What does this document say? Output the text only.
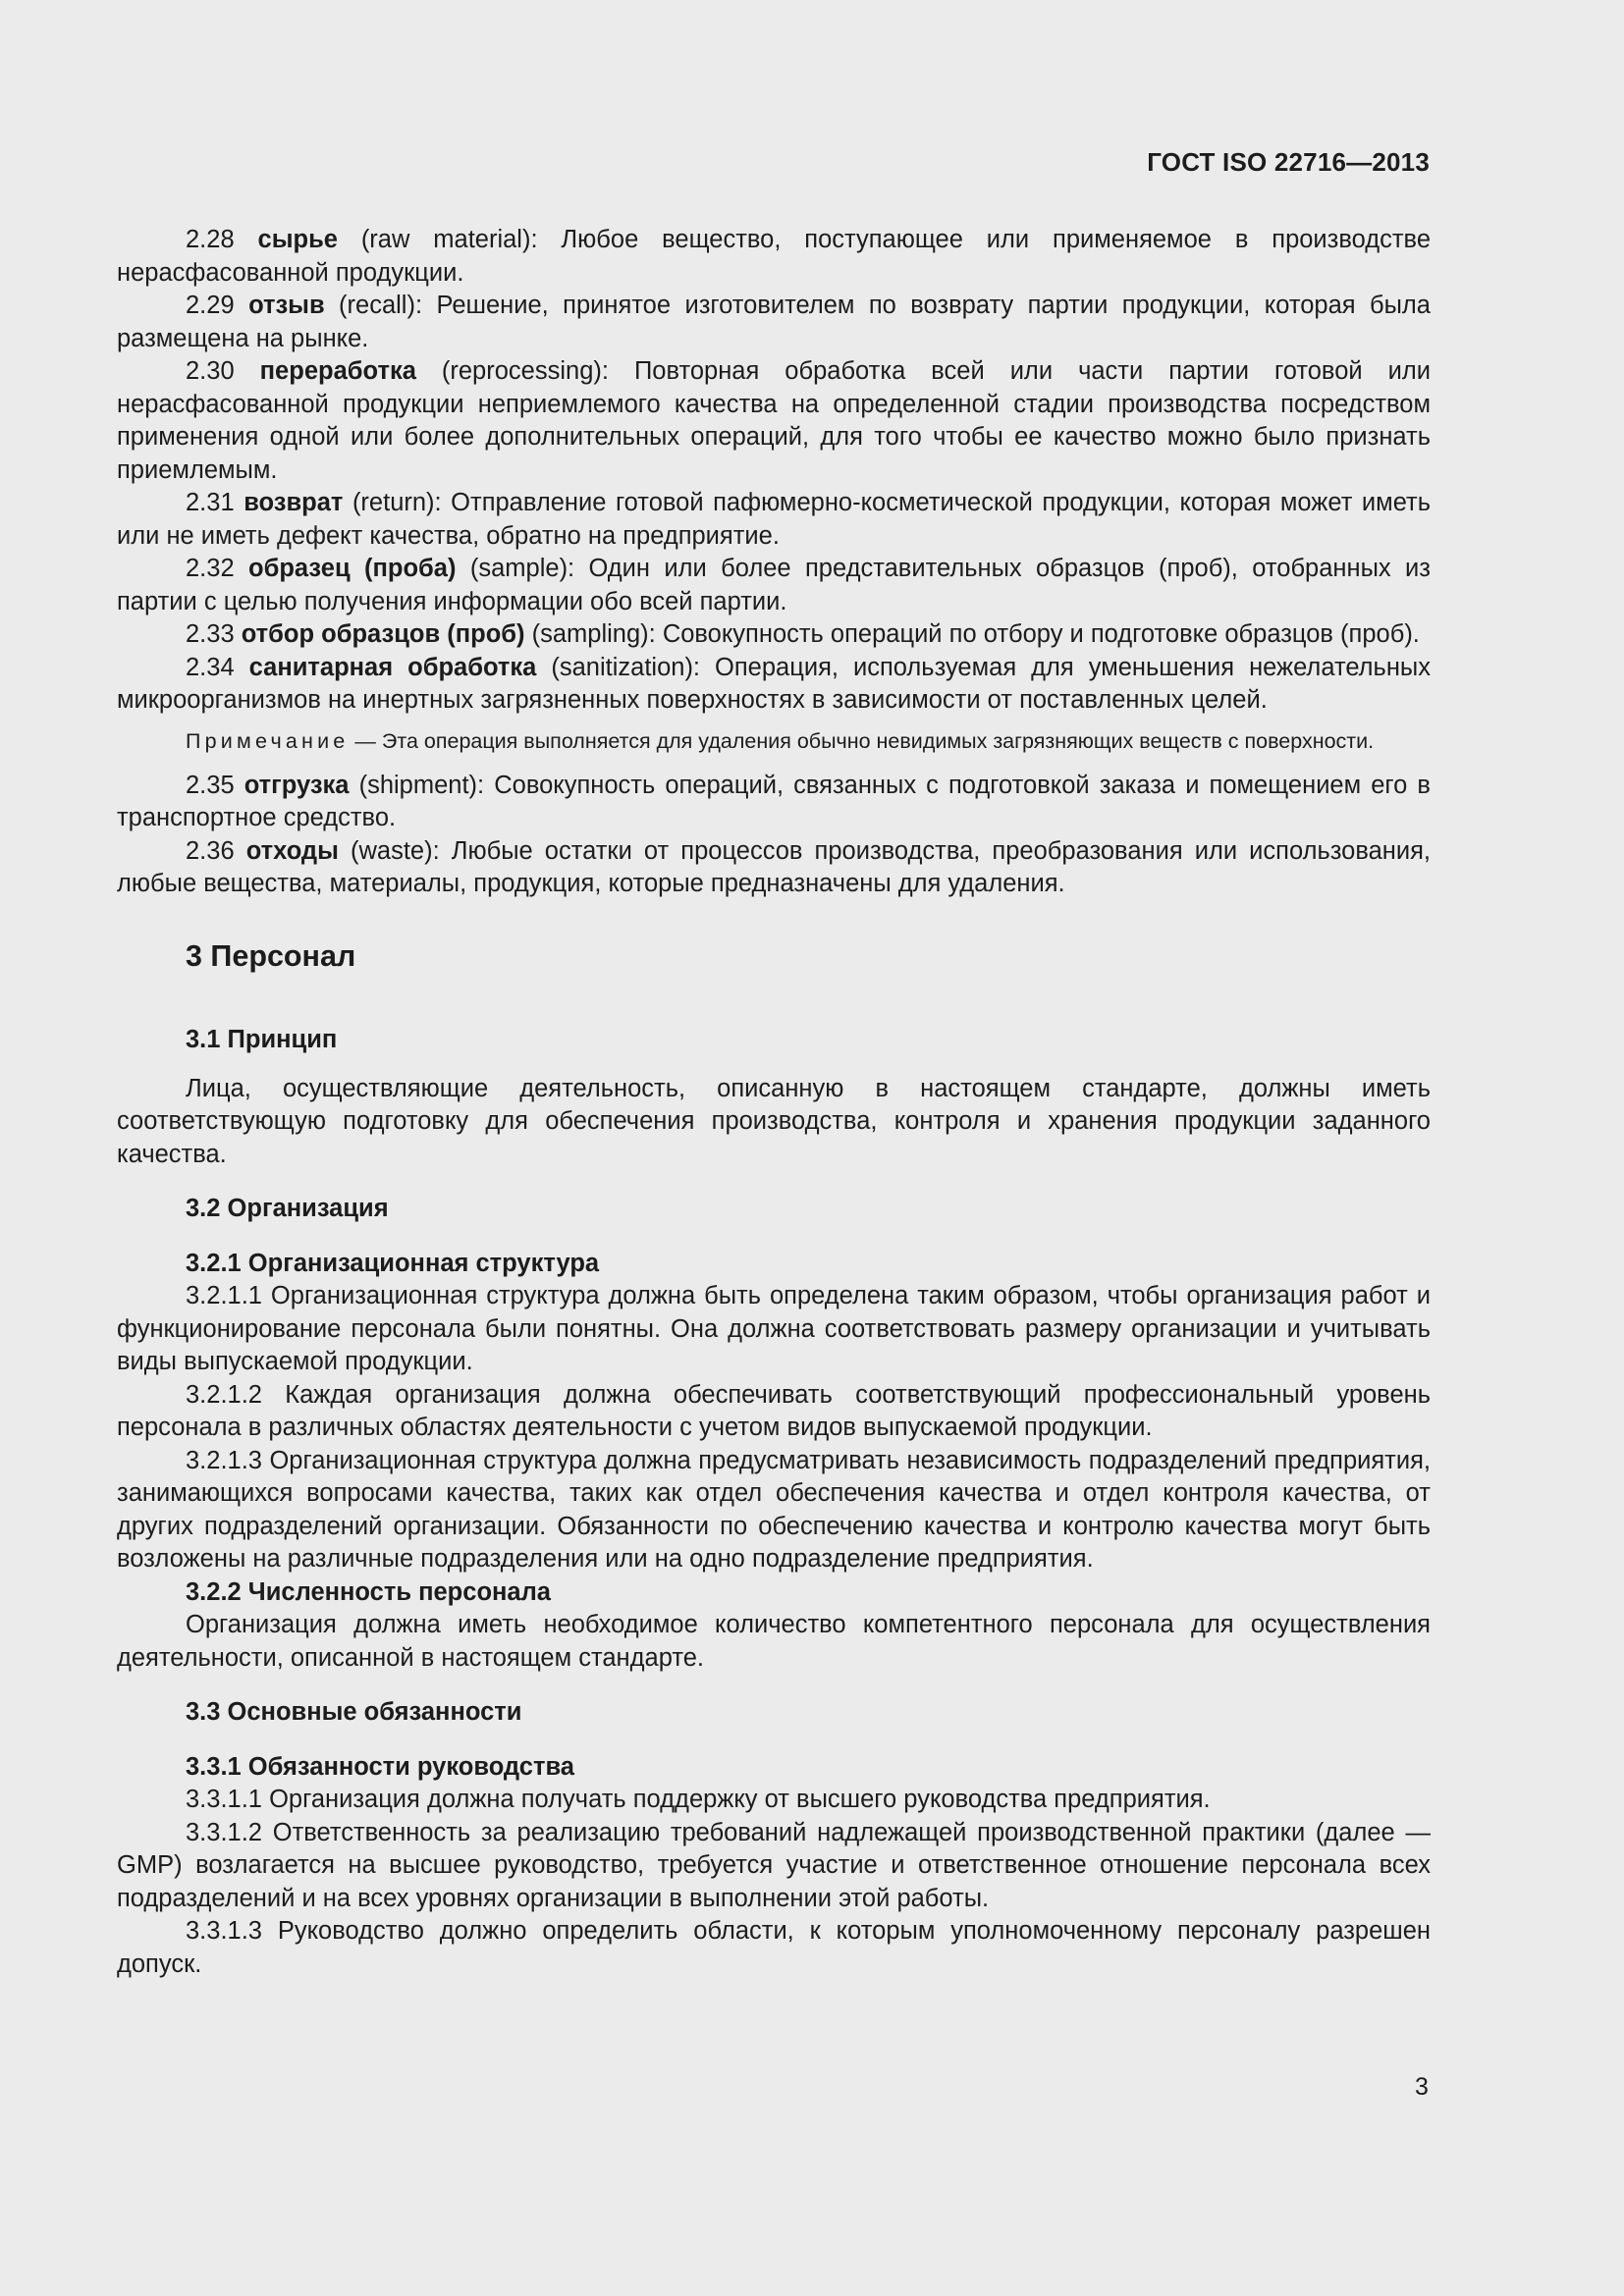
ГОСТ ISO 22716—2013

2.28 сырье (raw material): Любое вещество, поступающее или применяемое в производстве нерасфасованной продукции.

2.29 отзыв (recall): Решение, принятое изготовителем по возврату партии продукции, которая была размещена на рынке.

2.30 переработка (reprocessing): Повторная обработка всей или части партии готовой или нерасфасованной продукции неприемлемого качества на определенной стадии производства посредством применения одной или более дополнительных операций, для того чтобы ее качество можно было признать приемлемым.

2.31 возврат (return): Отправление готовой пафюмерно-косметической продукции, которая может иметь или не иметь дефект качества, обратно на предприятие.

2.32 образец (проба) (sample): Один или более представительных образцов (проб), отобранных из партии с целью получения информации обо всей партии.

2.33 отбор образцов (проб) (sampling): Совокупность операций по отбору и подготовке образцов (проб).

2.34 санитарная обработка (sanitization): Операция, используемая для уменьшения нежелательных микроорганизмов на инертных загрязненных поверхностях в зависимости от поставленных целей.

Примечание — Эта операция выполняется для удаления обычно невидимых загрязняющих веществ с поверхности.

2.35 отгрузка (shipment): Совокупность операций, связанных с подготовкой заказа и помещением его в транспортное средство.

2.36 отходы (waste): Любые остатки от процессов производства, преобразования или использования, любые вещества, материалы, продукция, которые предназначены для удаления.

3 Персонал
3.1 Принцип

Лица, осуществляющие деятельность, описанную в настоящем стандарте, должны иметь соответствующую подготовку для обеспечения производства, контроля и хранения продукции заданного качества.

3.2 Организация
3.2.1 Организационная структура

3.2.1.1 Организационная структура должна быть определена таким образом, чтобы организация работ и функционирование персонала были понятны. Она должна соответствовать размеру организации и учитывать виды выпускаемой продукции.

3.2.1.2 Каждая организация должна обеспечивать соответствующий профессиональный уровень персонала в различных областях деятельности с учетом видов выпускаемой продукции.

3.2.1.3 Организационная структура должна предусматривать независимость подразделений предприятия, занимающихся вопросами качества, таких как отдел обеспечения качества и отдел контроля качества, от других подразделений организации. Обязанности по обеспечению качества и контролю качества могут быть возложены на различные подразделения или на одно подразделение предприятия.

3.2.2 Численность персонала

Организация должна иметь необходимое количество компетентного персонала для осуществления деятельности, описанной в настоящем стандарте.

3.3 Основные обязанности
3.3.1 Обязанности руководства

3.3.1.1 Организация должна получать поддержку от высшего руководства предприятия.

3.3.1.2 Ответственность за реализацию требований надлежащей производственной практики (далее — GMP) возлагается на высшее руководство, требуется участие и ответственное отношение персонала всех подразделений и на всех уровнях организации в выполнении этой работы.

3.3.1.3 Руководство должно определить области, к которым уполномоченному персоналу разрешен допуск.

3
